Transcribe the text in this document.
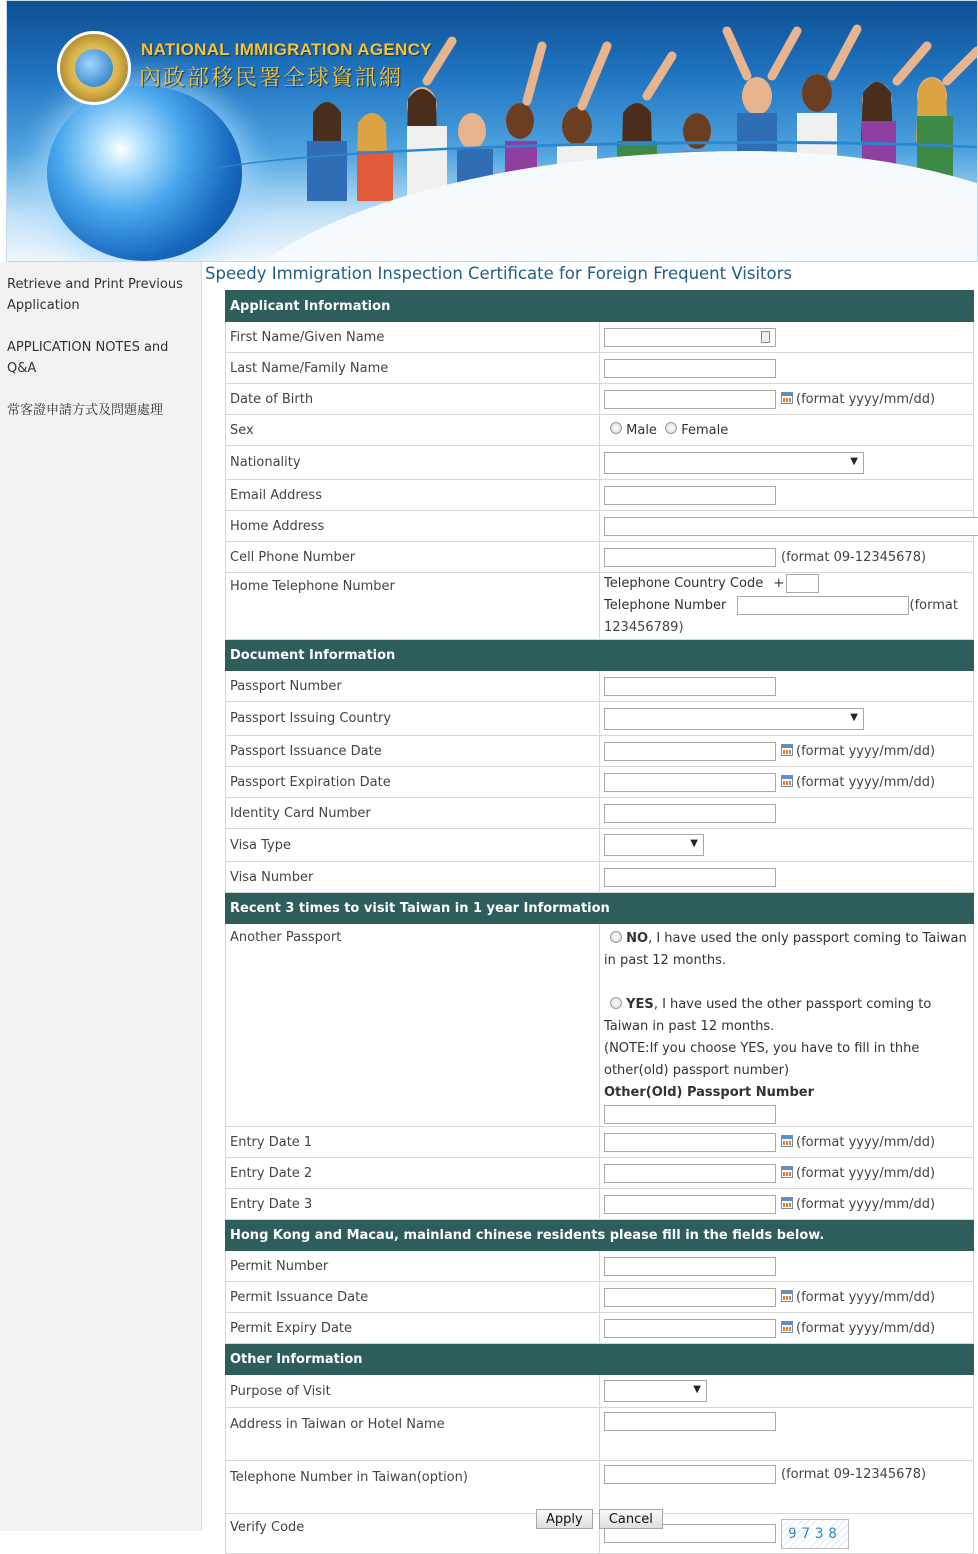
NATIONAL IMMIGRATION AGENCY
內政部移民署全球資訊網
Retrieve and Print Previous Application
APPLICATION NOTES and Q&A
常客證申請方式及問題處理
Speedy Immigration Inspection Certificate for Foreign Frequent Visitors
Applicant Information	
First Name/Given Name	

Last Name/Family Name	
Date of Birth	(format yyyy/mm/dd)
Sex	Male Female
Nationality	▼

Email Address	
Home Address	
Cell Phone Number	(format 09-12345678)
Home Telephone Number	Telephone Country Code +
Telephone Number (format 123456789)
Document Information	
Passport Number	
Passport Issuing Country	▼

Passport Issuance Date	(format yyyy/mm/dd)
Passport Expiration Date	(format yyyy/mm/dd)
Identity Card Number	
Visa Type	▼

Visa Number	
Recent 3 times to visit Taiwan in 1 year Information	
Another Passport	NO, I have used the only passport coming to Taiwan in past 12 months.
YES, I have used the other passport coming to Taiwan in past 12 months.
(NOTE:If you choose YES, you have to fill in thhe other(old) passport number)
Other(Old) Passport Number

Entry Date 1	(format yyyy/mm/dd)
Entry Date 2	(format yyyy/mm/dd)
Entry Date 3	(format yyyy/mm/dd)
Hong Kong and Macau, mainland chinese residents please fill in the fields below.	
Permit Number	
Permit Issuance Date	(format yyyy/mm/dd)
Permit Expiry Date	(format yyyy/mm/dd)
Other Information	
Purpose of Visit	▼

Address in Taiwan or Hotel Name	
Telephone Number in Taiwan(option)	(format 09-12345678)
Verify Code	9738
Apply Cancel
